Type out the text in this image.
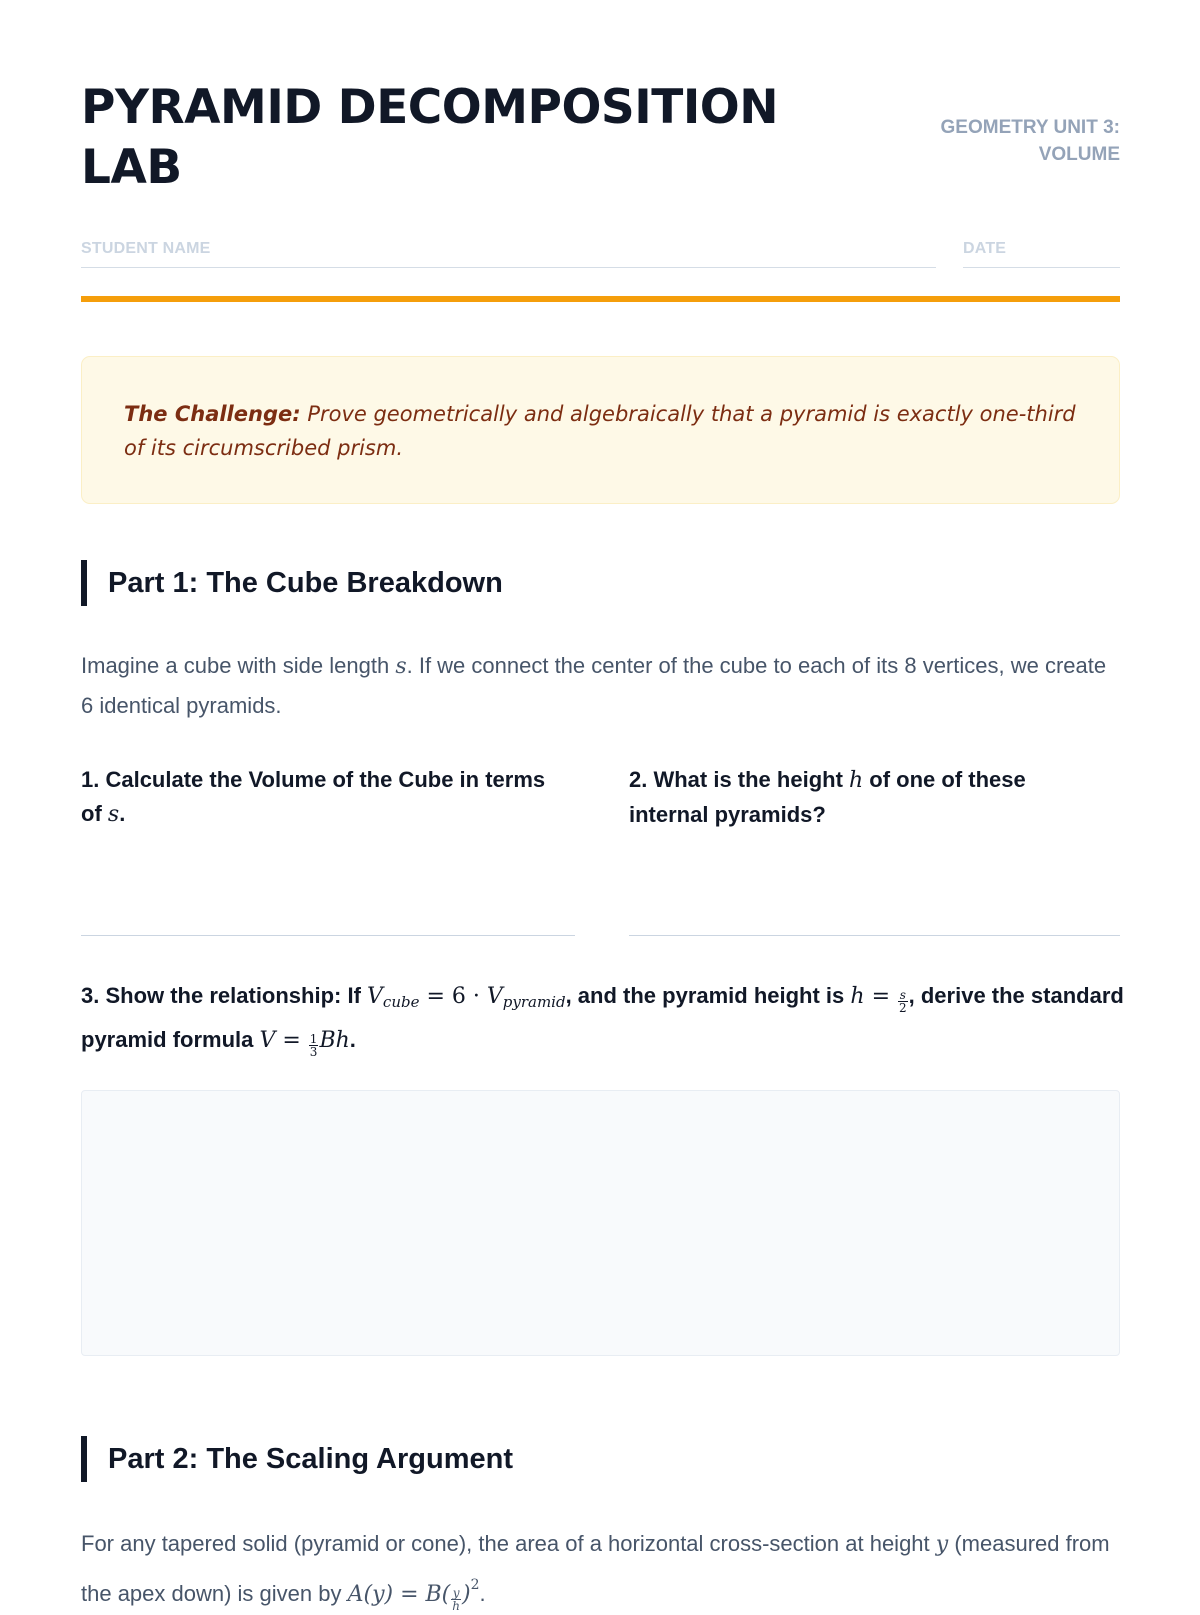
PYRAMID DECOMPOSITION LAB
GEOMETRY UNIT 3: VOLUME
STUDENT NAME	DATE
The Challenge: Prove geometrically and algebraically that a pyramid is exactly one-third of its circumscribed prism.
Part 1: The Cube Breakdown
Imagine a cube with side length s. If we connect the center of the cube to each of its 8 vertices, we create 6 identical pyramids.
1. Calculate the Volume of the Cube in terms of s.
2. What is the height h of one of these internal pyramids?
3. Show the relationship: If $V_{cube} = 6 \cdot V_{pyramid}$, and the pyramid height is $h = \frac{s}{2}$ , derive the standard pyramid formula $V = \frac{1}{3} Bh$.
Part 2: The Scaling Argument
For any tapered solid (pyramid or cone), the area of a horizontal cross-section at height y (measured from the apex down) is given by $A(y) = B( \frac{y}{h} )^2$.
